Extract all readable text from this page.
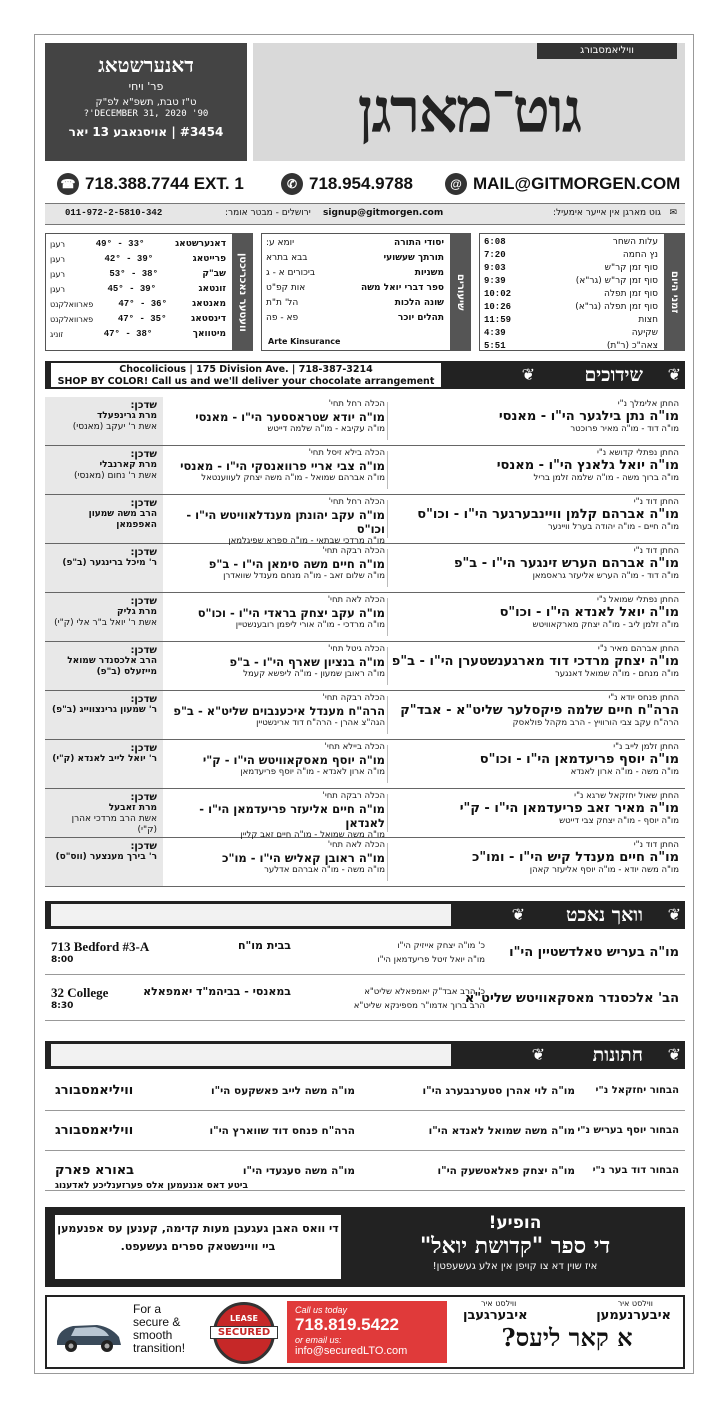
דאנערשטאג
פר' ויחי
ט"ז טבת, תשפ"א לפ"ק
DECEMBER 31, 2020 '90'?
#3454 | אויסגאבע 13 יאר
וויליאמסבורג
גוט־מארגן
☎ 718.388.7744 EXT. 1	✆ 718.954.9788	@ MAIL@GITMORGEN.COM
✉
גוט מארגן אין אייער אימעיל:
signup@gitmorgen.com
ירושלים - מבטר אומר:
011-972-2-5810-342
זמני היום
עלות השחר
6:08
נץ החמה
7:20
סוף זמן קר"ש
9:03
סוף זמן קר"ש (גר"א)
9:39
סוף זמן תפלה
10:02
סוף זמן תפלה (גר"א)
10:26
חצות
11:59
שקיעה
4:39
צאה"כ (ר"ת)
5:51
שיעורים
יסודי התורה
יומא ע:
תורתך שעשועי
בבא בתרא
משניות
ביכורים א - ג
ספר דברי יואל משה
אות קפ"ט
שונה הלכות
הל' ת"ת
תהלים יוכר
פא - פה
Arte Kinsurance
וועטער נאכריכטן
דאנערשטאג
49° - 33°
רעגן
פרייטאג
42° - 39°
רעגן
שב"ק
53° - 38°
רעגן
זונטאג
45° - 39°
רעגן
מאנטאג
47° - 36°
פארוואלקנט
דינסטאג
47° - 35°
פארוואלקנט
מיטוואך
47° - 38°
זוניג
❦
שידוכים
❦
Chocolicious | 175 Division Ave. | 718-387-3214
SHOP BY COLOR! Call us and we'll deliver your chocolate arrangement
החתן אלימלך נ"י
מו"ה נתן בילגער הי"ו - מאנסי
מו"ה דוד - מו"ה מאיר פרוכטר
הכלה רחל תחי'
מו"ה יודא שטראססער הי"ו - מאנסי
מו"ה עקיבא - מו"ה שלמה דייטש
שדכן:
מרת גרינפעלד
אשת ר' יעקב (מאנסי)
החתן נפתלי קדושא נ"י
מו"ה יואל גלאנץ הי"ו - מאנסי
מו"ה ברוך משה - מו"ה שלמה זלמן בריל
הכלה בילא זיסל תחי'
מו"ה צבי אריי פרוואנסקי הי"ו - מאנסי
מו"ה אברהם שמואל - מו"ה משה יצחק לעווענטאל
שדכן:
מרת קארנבלי
אשת ר' נחום (מאנסי)
החתן דוד נ"י
מו"ה אברהם קלמן וויינבערגער הי"ו - וכו"ס
מו"ה חיים - מו"ה יהודה בערל וויינער
הכלה רחל תחי'
מו"ה עקב יהונתן מענדלאוויטש הי"ו - וכו"ס
מו"ה מרדכי שבתאי - מו"ה ספרא שפיגלמאן
שדכן:
הרב משה שמעון האפפמאן
החתן דוד נ"י
מו"ה אברהם הערש זינגער הי"ו - ב"פ
מו"ה דוד - מו"ה הערש אליעזר גראסמאן
הכלה רבקה תחי'
מו"ה חיים משה סימאן הי"ו - ב"פ
מו"ה שלום זאב - מו"ה מנחם מענדל שוואדרן
שדכן:
ר' מיכל ברינגער (ב"פ)
החתן נפתלי שמואל נ"י
מו"ה יואל לאנדא הי"ו - וכו"ס
מו"ה זלמן ליב - מו"ה יצחק מארקאוויטש
הכלה לאה תחי'
מו"ה עקב יצחק בראדי הי"ו - וכו"ס
מו"ה מרדכי - מו"ה אורי ליפמן רובענשטיין
שדכן:
מרת גליק
אשת ר' יואל ב"ר אלי (ק"י)
החתן אברהם מאיר נ"י
מו"ה יצחק מרדכי דוד מארגענשטערן הי"ו - ב"פ
מו"ה מנחם - מו"ה שמואל דאנגער
הכלה גיטל תחי'
מו"ה בנציון שארף הי"ו - ב"פ
מו"ה ראובן שמעון - מו"ה ליפשא קעמל
שדכן:
הרב אלכסנדר שמואל מייזעלס (ב"פ)
החתן פנחס יודא נ"י
הרה"ח חיים שלמה פיקסלער שליט"א - אבד"ק
הרה"ח עקב צבי הורוויץ - הרב מקהל פולאסק
הכלה רבקה תחי'
הרה"ח מענדל איכענבוים שליט"א - ב"פ
הגה"צ אהרן - הרה"ח דוד ארינשטיין
שדכן:
ר' שמעון גרינצווייג (ב"פ)
החתן זלמן לייב נ"י
מו"ה יוסף פריעדמאן הי"ו - וכו"ס
מו"ה משה - מו"ה ארון לאנדא
הכלה ביילא תחי'
מו"ה יוסף מאסקאוויטש הי"ו - ק"י
מו"ה ארון לאנדא - מו"ה יוסף פריעדמאן
שדכן:
ר' יואל לייב לאנדא (ק"י)
החתן שאול יחזקאל שרגא נ"י
מו"ה מאיר זאב פריעדמאן הי"ו - ק"י
מו"ה יוסף - מו"ה יצחק צבי דייטש
הכלה רבקה תחי'
מו"ה חיים אליעזר פריעדמאן הי"ו - לאנדאן
מו"ה משה שמואל - מו"ה חיים זאב קליין
שדכן:
מרת זאבעל
אשת הרב מרדכי אהרן (ק"י)
החתן דוד נ"י
מו"ה חיים מענדל קיש הי"ו - ומו"כ
מו"ה משה יודא - מו"ה יוסף אליעזר קאהן
הכלה לאה תחי'
מו"ה ראובן קאליש הי"ו - מו"כ
מו"ה משה - מו"ה אברהם אדלער
שדכן:
ר' בירך מענצער (ווס"ס)
❦
וואך נאכט
❦
מו"ה בעריש טאלדשטיין הי"ו
כ' מו"ה יצחק אייזיק הי"ו
מו"ה יואל זיטל פריעדמאן הי"ו
בבית מו"ח
713 Bedford #3-A
8:00
הב' אלכסנדר מאסקאוויטש שליט"א
כ' הרב אבד"ק יאמפאלא שליט"א
הרב ברוך אדמו"ר מספינקא שליט"א
במאנסי - בביהמ"ד יאמפאלא
32 College
8:30
❦
חתונות
❦
הבחור יחזקאל נ"י
מו"ה לוי אהרן סטערנבערג הי"ו
מו"ה משה לייב פאשקעס הי"ו
וויליאמסבורג
הבחור יוסף בעריש נ"י
מו"ה משה שמואל לאנדא הי"ו
הרה"ח פנחס דוד שווארץ הי"ו
וויליאמסבורג
הבחור דוד בער נ"י
מו"ה יצחק פאלאטשעק הי"ו
מו"ה משה סעגעדי הי"ו
באורא פארק
ביטע דאס אננעמען אלס פערזענליכע לאדענוג
די וואס האבן געגעבן מעות קדימה, קענען עס אפנעמען ביי וויינשטאק ספרים געשעפט.
הופיע!
די ספר "קדושת יואל"
איז שוין דא צו קויפן אין אלע געשעפטן!
For a
secure &
smooth
transition!
LEASE
SECURED
Call us today
718.819.5422
or email us:
info@securedLTO.com
ווילסט איר
ווילסט איר
איבערנעמען
איבערגעבן
א קאר ליעס?
